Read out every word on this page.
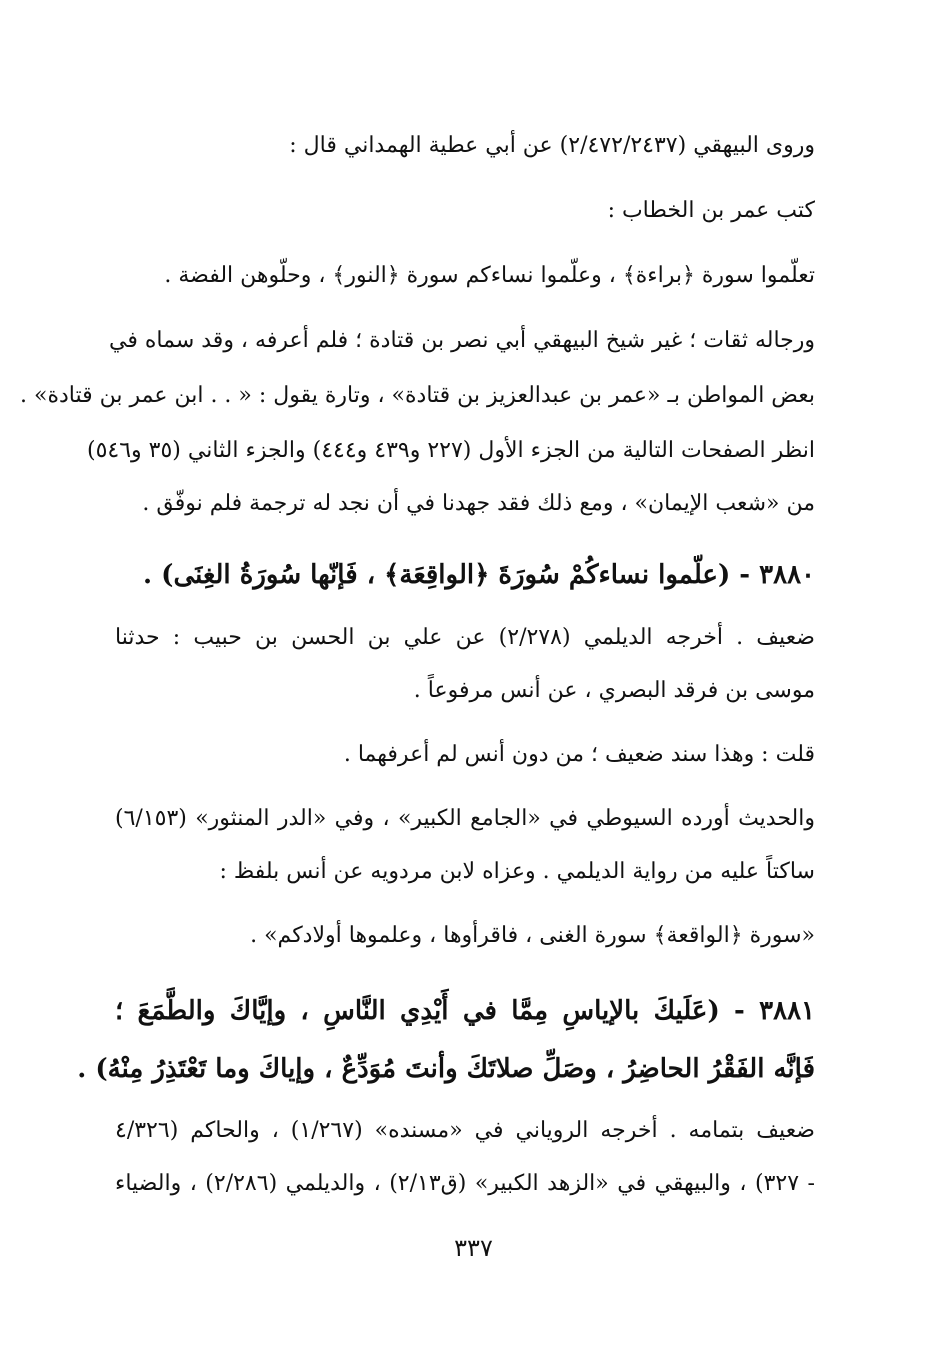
وروى البيهقي (٢/٤٧٢/٢٤٣٧) عن أبي عطية الهمداني قال :
كتب عمر بن الخطاب :
تعلّموا سورة ﴿براءة﴾ ، وعلّموا نساءكم سورة ﴿النور﴾ ، وحلّوهن الفضة .
ورجاله ثقات ؛ غير شيخ البيهقي أبي نصر بن قتادة ؛ فلم أعرفه ، وقد سماه في
بعض المواطن بـ «عمر بن عبدالعزيز بن قتادة» ، وتارة يقول : « . . ابن عمر بن قتادة» .
انظر الصفحات التالية من الجزء الأول (٢٢٧ و٤٣٩ و٤٤٤) والجزء الثاني (٣٥ و٥٤٦)
من «شعب الإيمان» ، ومع ذلك فقد جهدنا في أن نجد له ترجمة فلم نوفّق .
٣٨٨٠ - (علّموا نساءكُمْ سُورَةَ ﴿الواقِعَة﴾ ، فَإنّها سُورَةُ الغِنَى) .
ضعيف . أخرجه الديلمي (٢/٢٧٨) عن علي بن الحسن بن حبيب : حدثنا
موسى بن فرقد البصري ، عن أنس مرفوعاً .
قلت : وهذا سند ضعيف ؛ من دون أنس لم أعرفهما .
والحديث أورده السيوطي في «الجامع الكبير» ، وفي «الدر المنثور» (٦/١٥٣)
ساكتاً عليه من رواية الديلمي . وعزاه لابن مردويه عن أنس بلفظ :
«سورة ﴿الواقعة﴾ سورة الغنى ، فاقرأوها ، وعلموها أولادكم» .
٣٨٨١ - (عَلَيكَ بالإياسِ مِمَّا في أَيْدِي النَّاسِ ، وإيَّاكَ والطَّمَعَ ؛
فَإنَّه الفَقْرُ الحاضِرُ ، وصَلِّ صلاتَكَ وأنتَ مُوَدِّعٌ ، وإياكَ وما تَعْتَذِرُ مِنْهُ) .
ضعيف بتمامه . أخرجه الروياني في «مسنده» (١/٢٦٧) ، والحاكم (٤/٣٢٦
- ٣٢٧) ، والبيهقي في «الزهد الكبير» (ق٢/١٣) ، والديلمي (٢/٢٨٦) ، والضياء
٣٣٧
